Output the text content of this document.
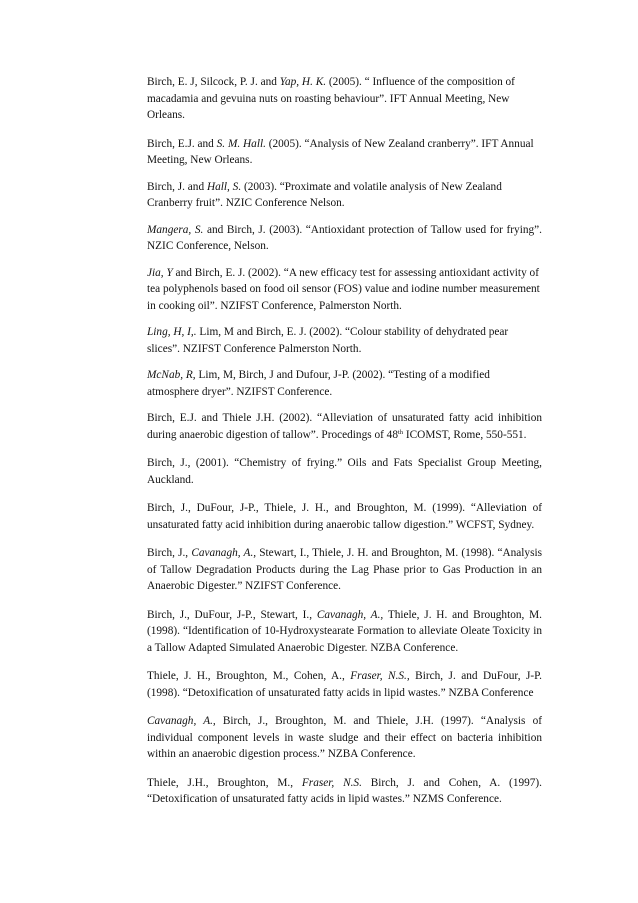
Birch, E. J, Silcock, P. J. and Yap, H. K. (2005). “ Influence of the composition of macadamia and gevuina nuts on roasting behaviour”. IFT Annual Meeting, New Orleans.

Birch, E.J. and S. M. Hall. (2005). “Analysis of New Zealand cranberry”. IFT Annual Meeting, New Orleans.

Birch, J. and Hall, S. (2003). “Proximate and volatile analysis of New Zealand Cranberry fruit”. NZIC Conference Nelson.

Mangera, S. and Birch, J. (2003). “Antioxidant protection of Tallow used for frying”. NZIC Conference, Nelson.

Jia, Y and Birch, E. J. (2002). “A new efficacy test for assessing antioxidant activity of tea polyphenols based on food oil sensor (FOS) value and iodine number measurement in cooking oil”. NZIFST Conference, Palmerston North.

Ling, H, I,. Lim, M and Birch, E. J. (2002). “Colour stability of dehydrated pear slices”. NZIFST Conference Palmerston North.

McNab, R, Lim, M, Birch, J and Dufour, J-P. (2002). “Testing of a modified atmosphere dryer”. NZIFST Conference.

Birch, E.J. and Thiele J.H. (2002). “Alleviation of unsaturated fatty acid inhibition during anaerobic digestion of tallow”. Procedings of 48th ICOMST, Rome, 550-551.

Birch, J., (2001). “Chemistry of frying.” Oils and Fats Specialist Group Meeting, Auckland.

Birch, J., DuFour, J-P., Thiele, J. H., and Broughton, M. (1999). “Alleviation of unsaturated fatty acid inhibition during anaerobic tallow digestion.” WCFST, Sydney.

Birch, J., Cavanagh, A., Stewart, I., Thiele, J. H. and Broughton, M. (1998). “Analysis of Tallow Degradation Products during the Lag Phase prior to Gas Production in an Anaerobic Digester.” NZIFST Conference.

Birch, J., DuFour, J-P., Stewart, I., Cavanagh, A., Thiele, J. H. and Broughton, M. (1998). “Identification of 10-Hydroxystearate Formation to alleviate Oleate Toxicity in a Tallow Adapted Simulated Anaerobic Digester. NZBA Conference.

Thiele, J. H., Broughton, M., Cohen, A., Fraser, N.S., Birch, J. and DuFour, J-P. (1998). “Detoxification of unsaturated fatty acids in lipid wastes.” NZBA Conference

Cavanagh, A., Birch, J., Broughton, M. and Thiele, J.H. (1997). “Analysis of individual component levels in waste sludge and their effect on bacteria inhibition within an anaerobic digestion process.” NZBA Conference.

Thiele, J.H., Broughton, M., Fraser, N.S. Birch, J. and Cohen, A. (1997). “Detoxification of unsaturated fatty acids in lipid wastes.” NZMS Conference.
